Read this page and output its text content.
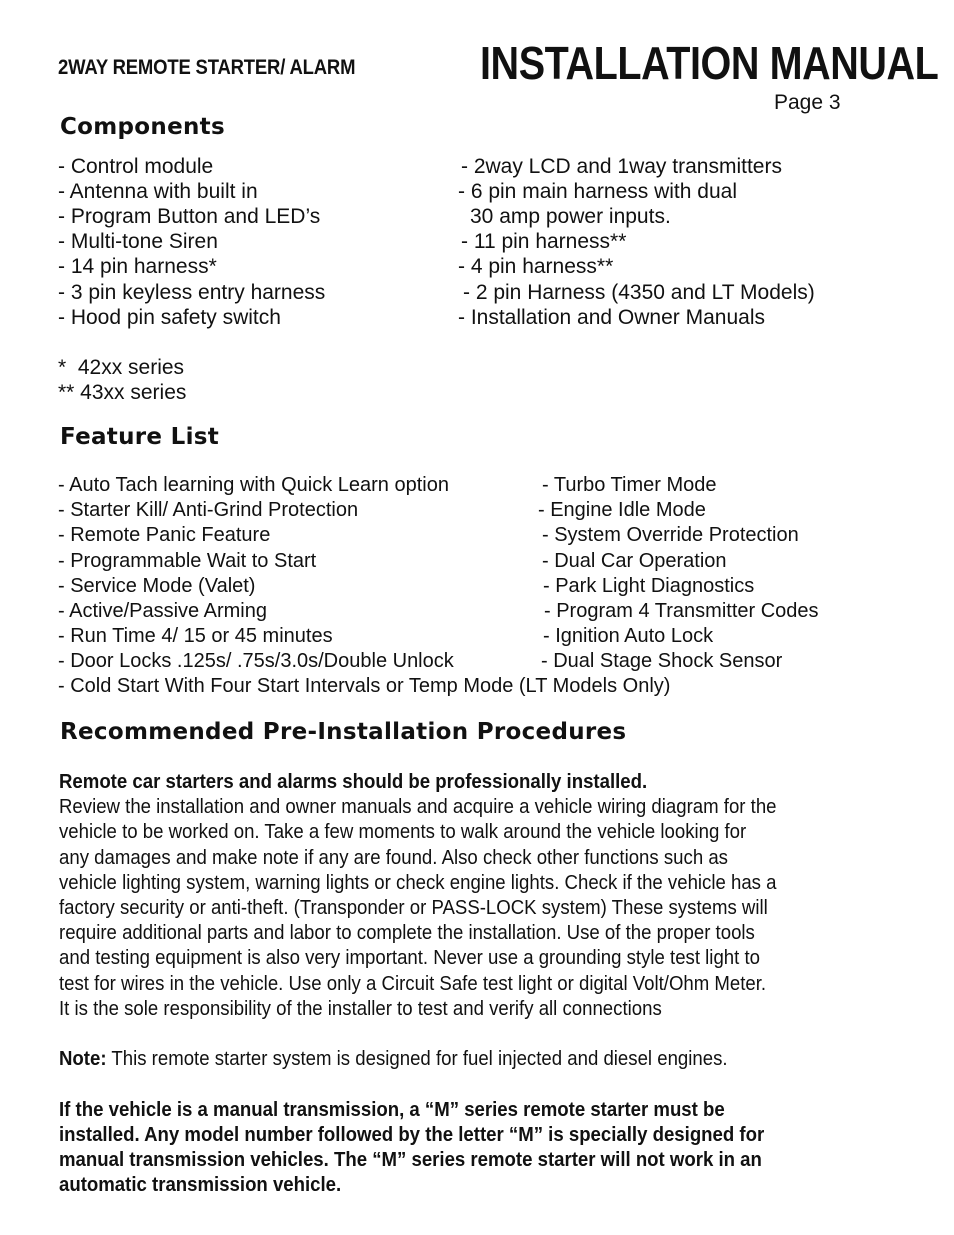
2WAY REMOTE STARTER/ ALARM	INSTALLATION MANUAL
Page 3
Components
- Control module
- Antenna with built in
- Program Button and LED’s
- Multi-tone Siren
- 14 pin harness*
- 3 pin keyless entry harness
- Hood pin safety switch
- 2way LCD and 1way transmitters
- 6 pin main harness with dual
30 amp power inputs.
- 11 pin harness**
- 4 pin harness**
- 2 pin Harness (4350 and LT Models)
- Installation and Owner Manuals
*  42xx series
** 43xx series
Feature List
- Auto Tach learning with Quick Learn option
- Starter Kill/ Anti-Grind Protection
- Remote Panic Feature
- Programmable Wait to Start
- Service Mode (Valet)
- Active/Passive Arming
- Run Time 4/ 15 or 45 minutes
- Door Locks .125s/ .75s/3.0s/Double Unlock
- Turbo Timer Mode
- Engine Idle Mode
- System Override Protection
- Dual Car Operation
- Park Light Diagnostics
- Program 4 Transmitter Codes
- Ignition Auto Lock
- Dual Stage Shock Sensor
- Cold Start With Four Start Intervals or Temp Mode (LT Models Only)
Recommended Pre-Installation Procedures
Remote car starters and alarms should be professionally installed.
Review the installation and owner manuals and acquire a vehicle wiring diagram for the
vehicle to be worked on. Take a few moments to walk around the vehicle looking for
any damages and make note if any are found. Also check other functions such as
vehicle lighting system, warning lights or check engine lights. Check if the vehicle has a
factory security or anti-theft. (Transponder or PASS-LOCK system) These systems will
require additional parts and labor to complete the installation. Use of the proper tools
and testing equipment is also very important. Never use a grounding style test light to
test for wires in the vehicle. Use only a Circuit Safe test light or digital Volt/Ohm Meter.
It is the sole responsibility of the installer to test and verify all connections
Note: This remote starter system is designed for fuel injected and diesel engines.
If the vehicle is a manual transmission, a “M” series remote starter must be
installed. Any model number followed by the letter “M” is specially designed for
manual transmission vehicles. The “M” series remote starter will not work in an
automatic transmission vehicle.
